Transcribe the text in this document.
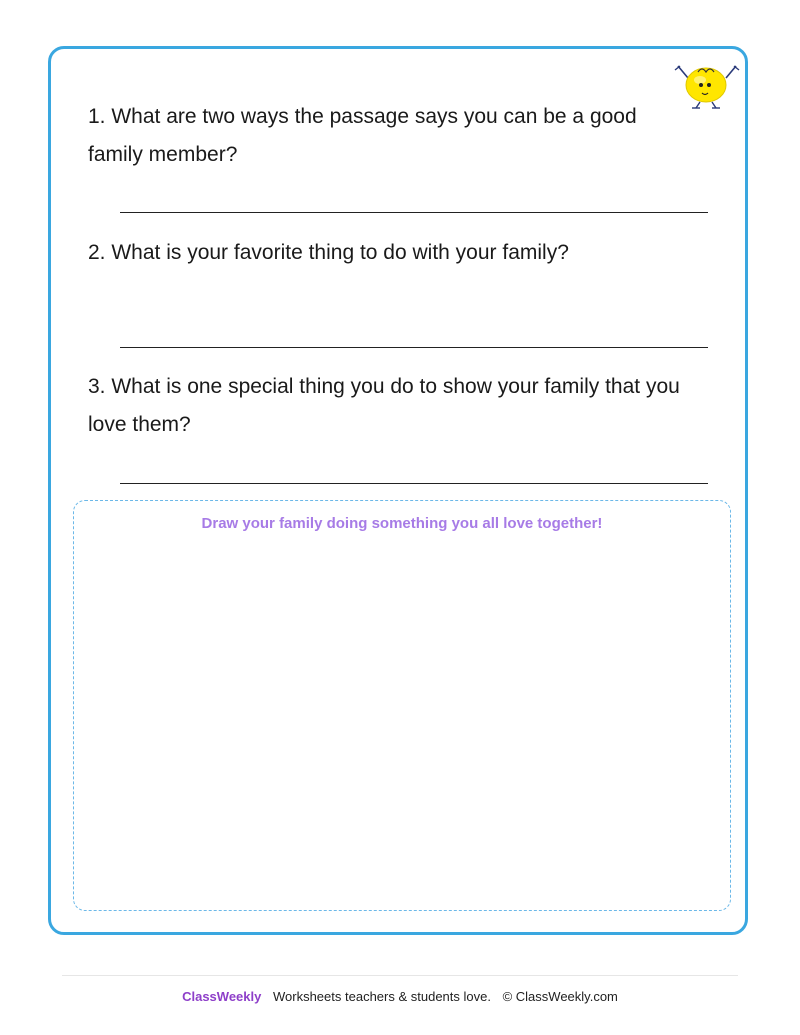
1. What are two ways the passage says you can be a good family member?

2. What is your favorite thing to do with your family?

3. What is one special thing you do to show your family that you love them?

Draw your family doing something you all love together!
ClassWeekly Worksheets teachers & students love. © ClassWeekly.com
